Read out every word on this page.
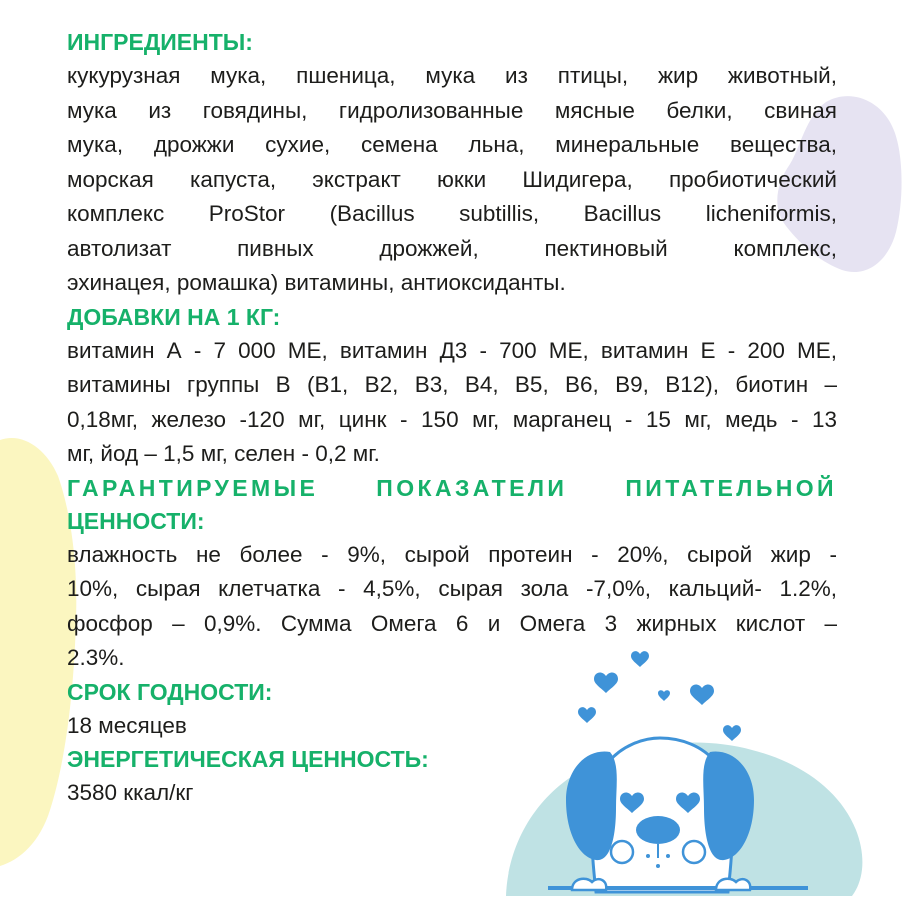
ИНГРЕДИЕНТЫ:

кукурузная мука, пшеница, мука из птицы, жир животный,
мука из говядины, гидролизованные мясные белки, свиная
мука, дрожжи сухие, семена льна, минеральные вещества,
морская капуста, экстракт юкки Шидигера, пробиотический
комплекс ProStor (Bacillus subtillis, Bacillus licheniformis,
автолизат пивных дрожжей, пектиновый комплекс,
эхинацея, ромашка) витамины, антиоксиданты.

ДОБАВКИ НА 1 КГ:

витамин А - 7 000 МЕ, витамин Д3 - 700 МЕ, витамин Е - 200 МЕ,
витамины группы В (В1, В2, В3, В4, В5, В6, В9, В12), биотин –
0,18мг, железо -120 мг, цинк - 150 мг, марганец - 15 мг, медь - 13
мг, йод – 1,5 мг, селен - 0,2 мг.

ГАРАНТИРУЕМЫЕ ПОКАЗАТЕЛИ ПИТАТЕЛЬНОЙ
ЦЕННОСТИ:

влажность не более - 9%, сырой протеин - 20%, сырой жир -
10%, сырая клетчатка - 4,5%, сырая зола -7,0%, кальций- 1.2%,
фосфор – 0,9%. Сумма Омега 6 и Омега 3 жирных кислот –
2.3%.

СРОК ГОДНОСТИ:

18 месяцев

ЭНЕРГЕТИЧЕСКАЯ ЦЕННОСТЬ:

3580 ккал/кг
